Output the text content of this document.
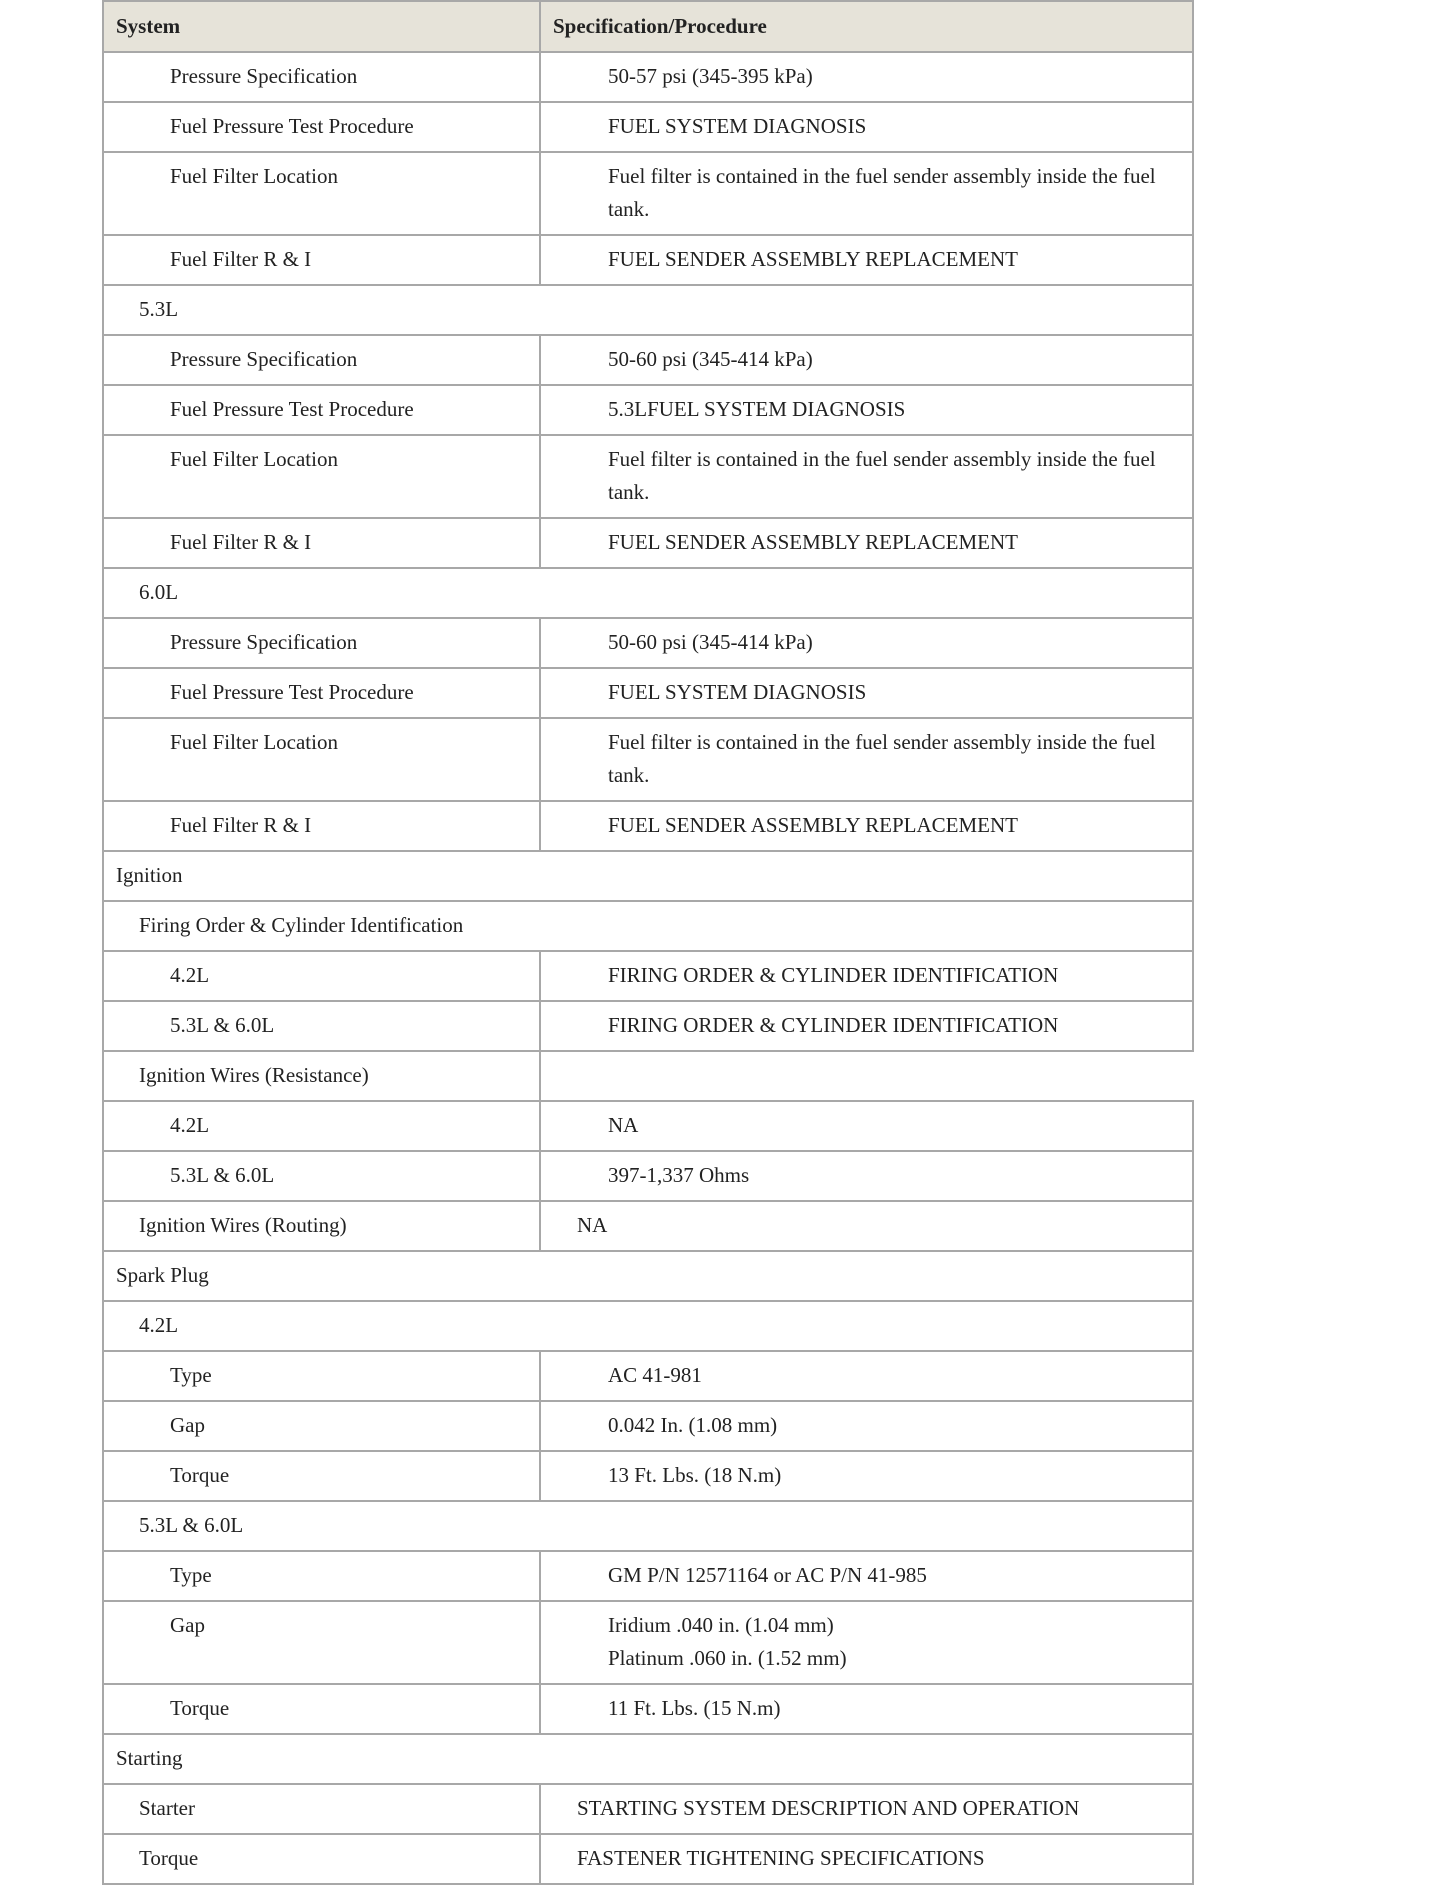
System	Specification/Procedure
Pressure Specification	50-57 psi (345-395 kPa)

Fuel Pressure Test Procedure	FUEL SYSTEM DIAGNOSIS

Fuel Filter Location	Fuel filter is contained in the fuel sender assembly inside the fuel tank.

Fuel Filter R & I	FUEL SENDER ASSEMBLY REPLACEMENT

5.3L	
Pressure Specification	50-60 psi (345-414 kPa)

Fuel Pressure Test Procedure	5.3LFUEL SYSTEM DIAGNOSIS

Fuel Filter Location	Fuel filter is contained in the fuel sender assembly inside the fuel tank.

Fuel Filter R & I	FUEL SENDER ASSEMBLY REPLACEMENT

6.0L	
Pressure Specification	50-60 psi (345-414 kPa)

Fuel Pressure Test Procedure	FUEL SYSTEM DIAGNOSIS

Fuel Filter Location	Fuel filter is contained in the fuel sender assembly inside the fuel tank.

Fuel Filter R & I	FUEL SENDER ASSEMBLY REPLACEMENT

Ignition	
Firing Order & Cylinder Identification	
4.2L	FIRING ORDER & CYLINDER IDENTIFICATION

5.3L & 6.0L	FIRING ORDER & CYLINDER IDENTIFICATION

Ignition Wires (Resistance)	
4.2L	NA

5.3L & 6.0L	397-1,337 Ohms

Ignition Wires (Routing)	NA

Spark Plug	
4.2L	
Type	AC 41-981

Gap	0.042 In. (1.08 mm)

Torque	13 Ft. Lbs. (18 N.m)

5.3L & 6.0L	
Type	GM P/N 12571164 or AC P/N 41-985

Gap	Iridium .040 in. (1.04 mm)
Platinum .060 in. (1.52 mm)

Torque	11 Ft. Lbs. (15 N.m)

Starting	
Starter	STARTING SYSTEM DESCRIPTION AND OPERATION

Torque	FASTENER TIGHTENING SPECIFICATIONS
